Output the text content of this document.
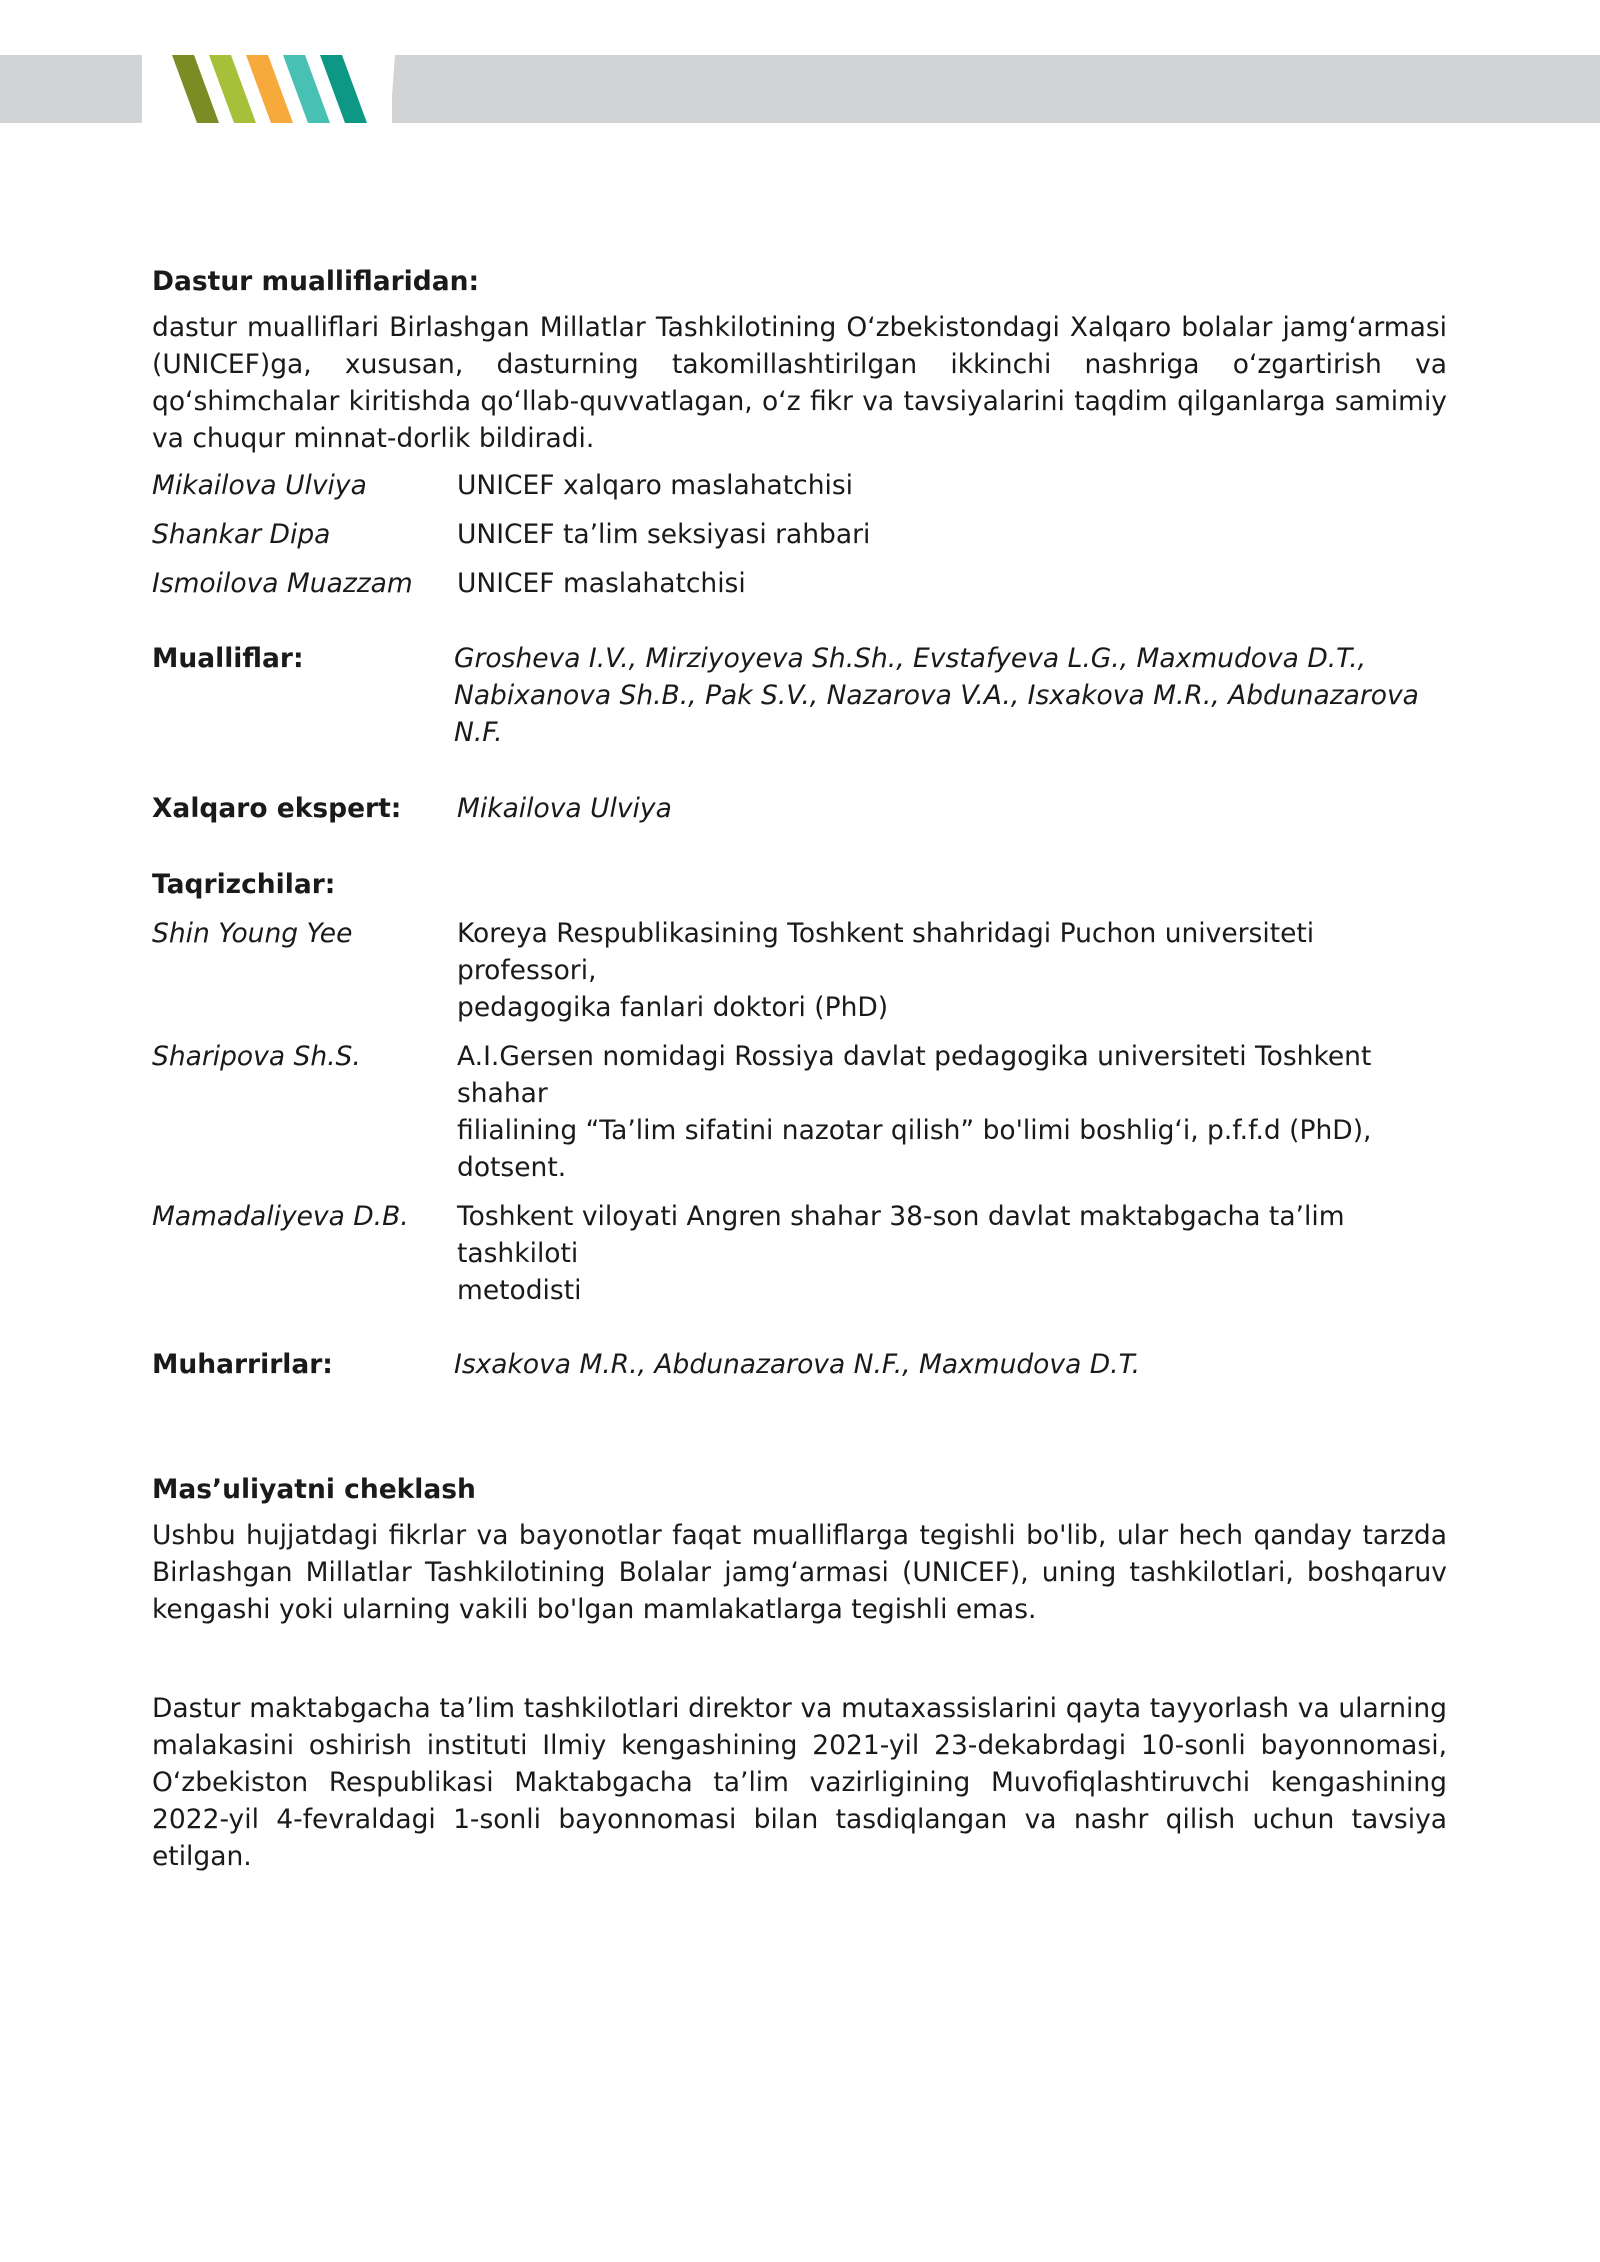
Dastur mualliflaridan:

dastur mualliflari Birlashgan Millatlar Tashkilotining O‘zbekistondagi Xalqaro bolalar jamg‘armasi (UNICEF)ga, xususan, dasturning takomillashtirilgan ikkinchi nashriga o‘zgartirish va qo‘shimchalar kiritishda qo‘llab-quvvatlagan, o‘z fikr va tavsiyalarini taqdim qilganlarga samimiy va chuqur minnat-dorlik bildiradi.

Mikailova Ulviya	UNICEF xalqaro maslahatchisi
Shankar Dipa	UNICEF ta’lim seksiyasi rahbari
Ismoilova Muazzam	UNICEF maslahatchisi
Mualliflar:	Grosheva I.V., Mirziyoyeva Sh.Sh., Evstafyeva L.G., Maxmudova D.T.,
Nabixanova Sh.B., Pak S.V., Nazarova V.A., Isxakova M.R., Abdunazarova N.F.
Xalqaro ekspert:	Mikailova Ulviya

Taqrizchilar:

Shin Young Yee	Koreya Respublikasining Toshkent shahridagi Puchon universiteti professori,
pedagogika fanlari doktori (PhD)
Sharipova Sh.S.	A.I.Gersen nomidagi Rossiya davlat pedagogika universiteti Toshkent shahar
filialining “Ta’lim sifatini nazotar qilish” bo'limi boshlig‘i, p.f.f.d (PhD), dotsent.
Mamadaliyeva D.B.	Toshkent viloyati Angren shahar 38-son davlat maktabgacha ta’lim tashkiloti
metodisti
Muharrirlar:	Isxakova M.R., Abdunazarova N.F., Maxmudova D.T.

Mas’uliyatni cheklash

Ushbu hujjatdagi fikrlar va bayonotlar faqat mualliflarga tegishli bo'lib, ular hech qanday tarzda Birlashgan Millatlar Tashkilotining Bolalar jamg‘armasi (UNICEF), uning tashkilotlari, boshqaruv kengashi yoki ularning vakili bo'lgan mamlakatlarga tegishli emas.

Dastur maktabgacha ta’lim tashkilotlari direktor va mutaxassislarini qayta tayyorlash va ularning malakasini oshirish instituti Ilmiy kengashining 2021-yil 23-dekabrdagi 10-sonli bayonnomasi, O‘zbekiston Respublikasi Maktabgacha ta’lim vazirligining Muvofiqlashtiruvchi kengashining 2022-yil 4-fevraldagi 1-sonli bayonnomasi bilan tasdiqlangan va nashr qilish uchun tavsiya etilgan.
